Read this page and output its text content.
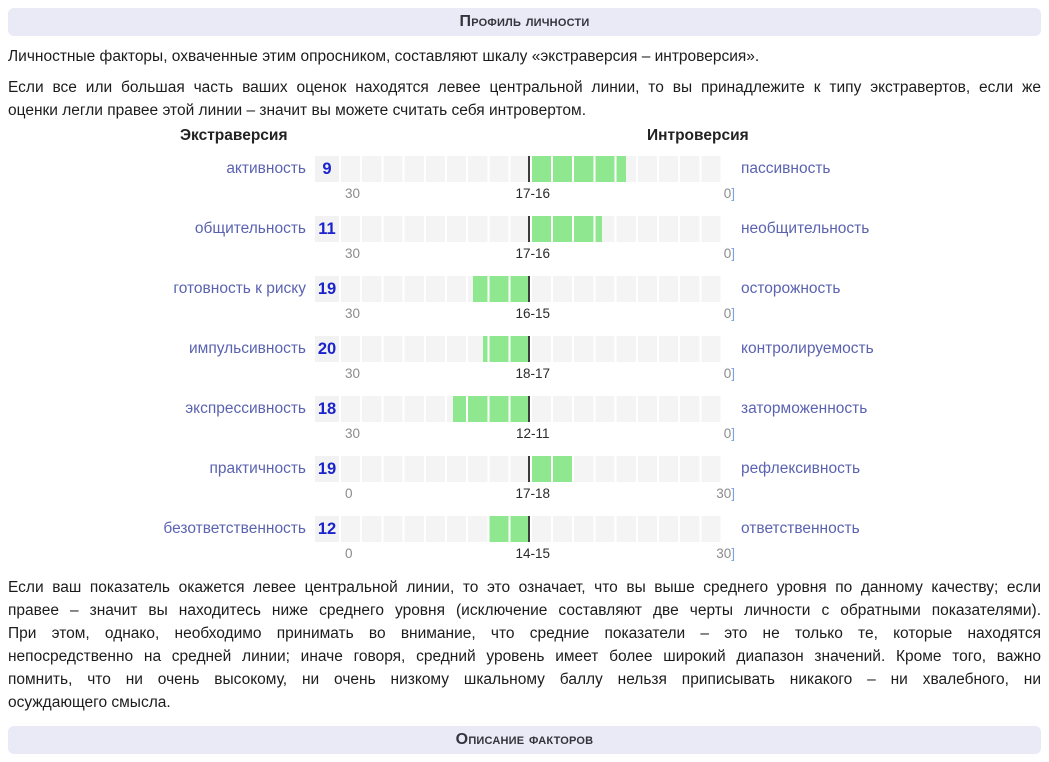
Профиль личности

Личностные факторы, охваченные этим опросником, составляют шкалу «экстраверсия – интроверсия».

Если все или большая часть ваших оценок находятся левее центральной линии, то вы принадлежите к типу экстравертов, если же
оценки легли правее этой линии – значит вы можете считать себя интровертом.
Экстраверсия	Интроверсия
активность 9	пассивность
30	17-16	0]
общительность 11	необщительность
30	17-16	0]
готовность к риску 19	осторожность
30	16-15	0]
импульсивность 20	контролируемость
30	18-17	0]
экспрессивность 18	заторможенность
30	12-11	0]
практичность 19	рефлексивность
0	17-18	30]
безответственность 12	ответственность
0	14-15	30]
Если ваш показатель окажется левее центральной линии, то это означает, что вы выше среднего уровня по данному качеству; если
правее – значит вы находитесь ниже среднего уровня (исключение составляют две черты личности с обратными показателями).
При этом, однако, необходимо принимать во внимание, что средние показатели – это не только те, которые находятся
непосредственно на средней линии; иначе говоря, средний уровень имеет более широкий диапазон значений. Кроме того, важно
помнить, что ни очень высокому, ни очень низкому шкальному баллу нельзя приписывать никакого – ни хвалебного, ни
осуждающего смысла.
Описание факторов
